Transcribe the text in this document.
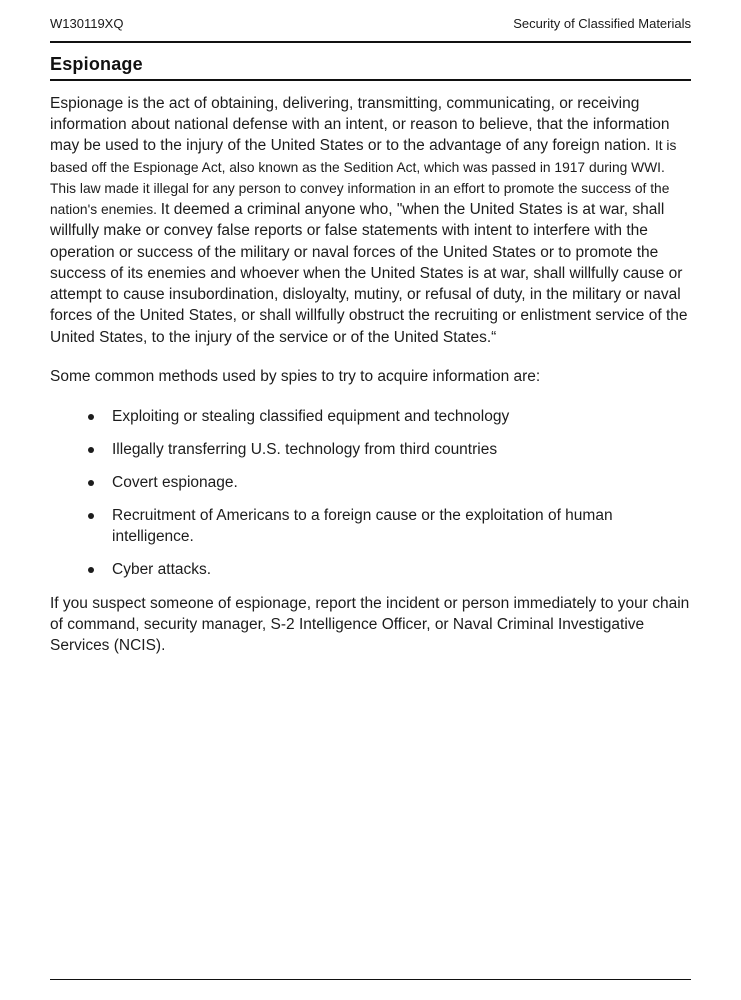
W130119XQ	Security of Classified Materials
Espionage
Espionage is the act of obtaining, delivering, transmitting, communicating, or receiving information about national defense with an intent, or reason to believe, that the information may be used to the injury of the United States or to the advantage of any foreign nation. It is based off the Espionage Act, also known as the Sedition Act, which was passed in 1917 during WWI. This law made it illegal for any person to convey information in an effort to promote the success of the nation's enemies. It deemed a criminal anyone who, "when the United States is at war, shall willfully make or convey false reports or false statements with intent to interfere with the operation or success of the military or naval forces of the United States or to promote the success of its enemies and whoever when the United States is at war, shall willfully cause or attempt to cause insubordination, disloyalty, mutiny, or refusal of duty, in the military or naval forces of the United States, or shall willfully obstruct the recruiting or enlistment service of the United States, to the injury of the service or of the United States.“
Some common methods used by spies to try to acquire information are:
Exploiting or stealing classified equipment and technology
Illegally transferring U.S. technology from third countries
Covert espionage.
Recruitment of Americans to a foreign cause or the exploitation of human intelligence.
Cyber attacks.
If you suspect someone of espionage, report the incident or person immediately to your chain of command, security manager, S-2 Intelligence Officer, or Naval Criminal Investigative Services (NCIS).
